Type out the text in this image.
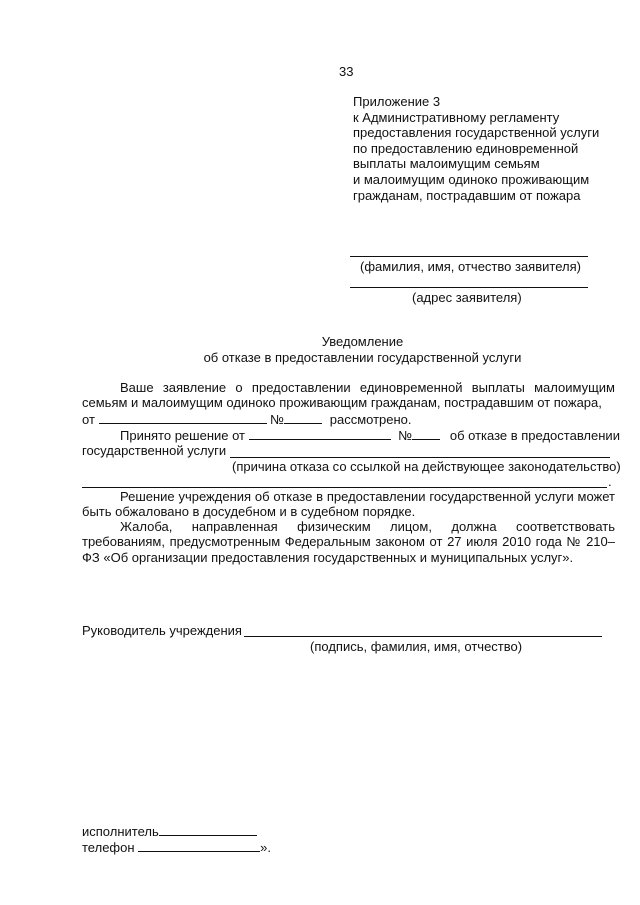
33
Приложение 3
к Административному регламенту
предоставления государственной услуги
по предоставлению единовременной
выплаты малоимущим семьям
и малоимущим одиноко проживающим
гражданам, пострадавшим от пожара
(фамилия, имя, отчество заявителя)
(адрес заявителя)
Уведомление
об отказе в предоставлении государственной услуги
Ваше заявление о предоставлении единовременной выплаты малоимущим семьям и малоимущим одиноко проживающим гражданам, пострадавшим от пожара,
от	№	рассмотрено.
Принято решение от	№	об отказе в предоставлении
государственной услуги
(причина отказа со ссылкой на действующее законодательство)
.
Решение учреждения об отказе в предоставлении государственной услуги может быть обжаловано в досудебном и в судебном порядке.
Жалоба, направленная физическим лицом, должна соответствовать требованиям, предусмотренным Федеральным законом от 27 июля 2010 года № 210–ФЗ «Об организации предоставления государственных и муниципальных услуг».
Руководитель учреждения
(подпись, фамилия, имя, отчество)
исполнитель
телефон	».
